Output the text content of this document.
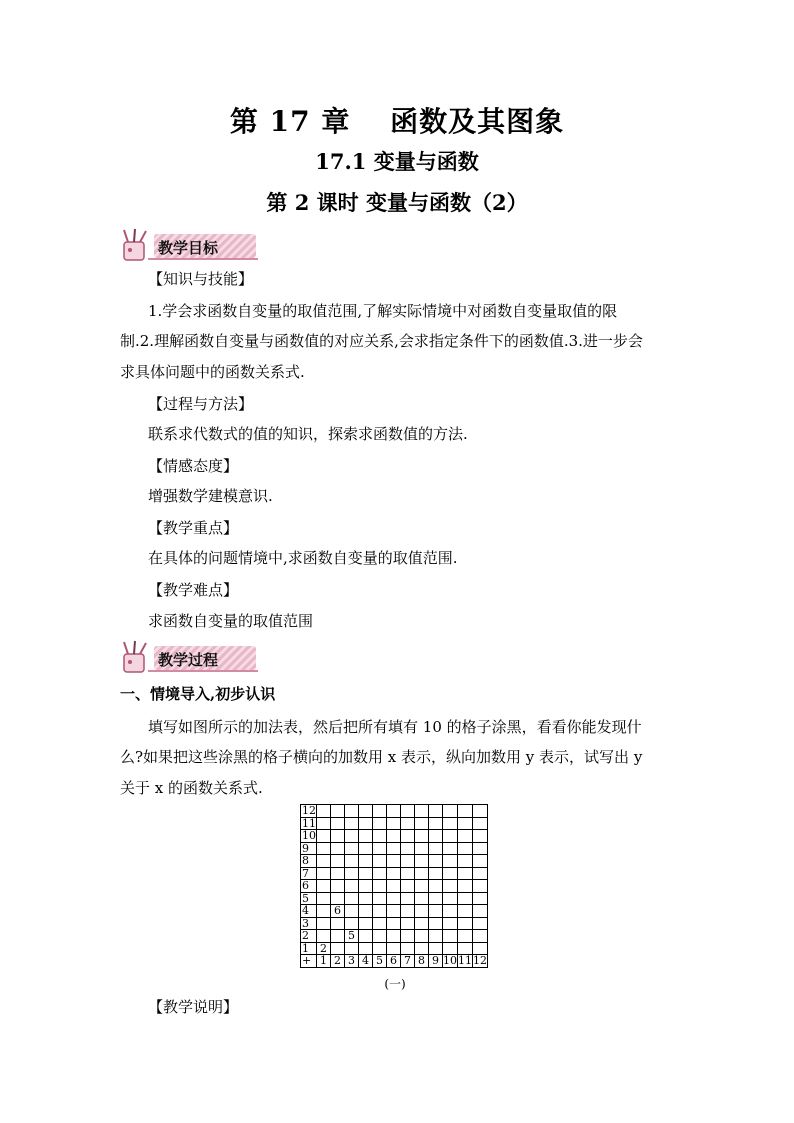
第 17 章　 函数及其图象
17.1 变量与函数
第 2 课时 变量与函数（2）
教学目标
【知识与技能】
1.学会求函数自变量的取值范围,了解实际情境中对函数自变量取值的限
制.2.理解函数自变量与函数值的对应关系,会求指定条件下的函数值.3.进一步会
求具体问题中的函数关系式.
【过程与方法】
联系求代数式的值的知识，探索求函数值的方法.
【情感态度】
增强数学建模意识.
【教学重点】
在具体的问题情境中,求函数自变量的取值范围.
【教学难点】
求函数自变量的取值范围
教学过程
一、情境导入,初步认识
填写如图所示的加法表，然后把所有填有 10 的格子涂黑，看看你能发现什
么?如果把这些涂黑的格子横向的加数用 x 表示，纵向加数用 y 表示，试写出 y
关于 x 的函数关系式.
12												
11												
10												
9												
8												
7												
6												
5												
4		6										
3												
2			5									
1	2											
+	1	2	3	4	5	6	7	8	9	10	11	12
(一)
【教学说明】
